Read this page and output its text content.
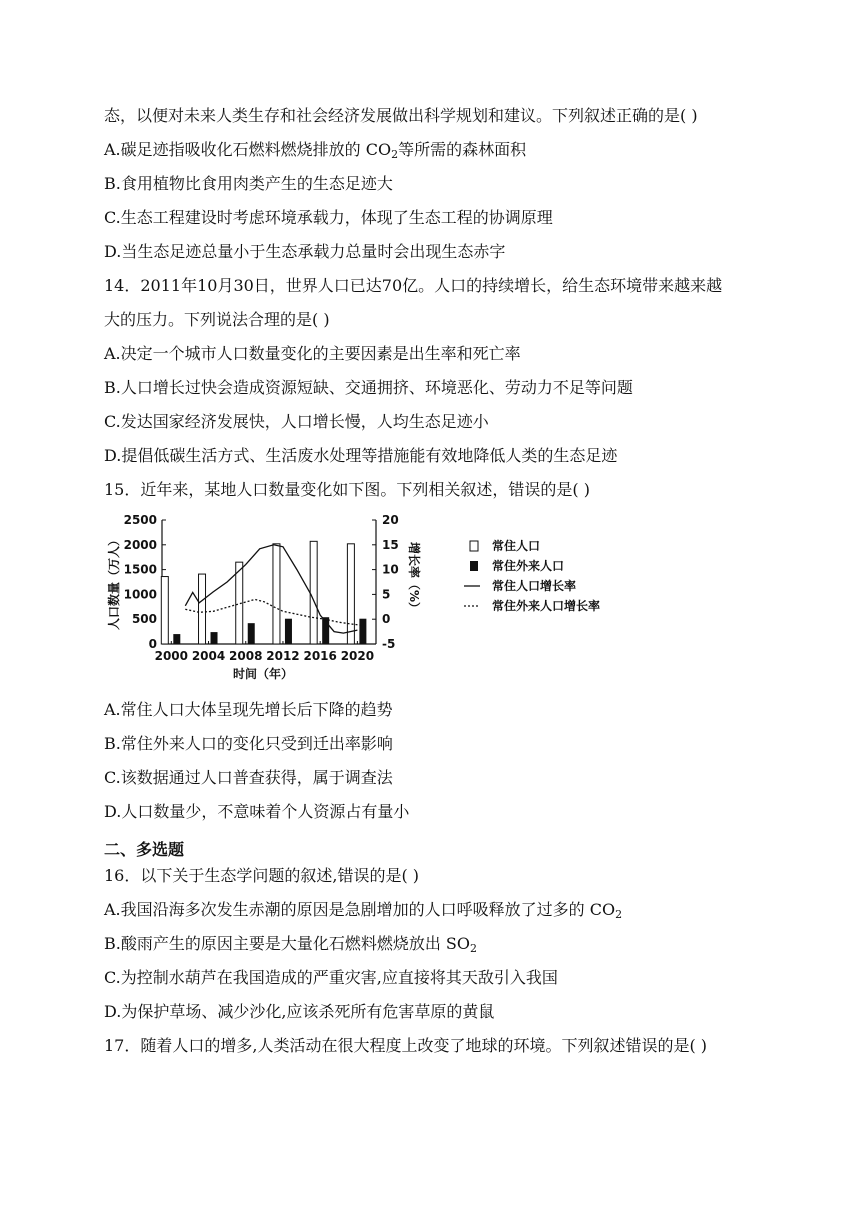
态，以便对未来人类生存和社会经济发展做出科学规划和建议。下列叙述正确的是( )
A.碳足迹指吸收化石燃料燃烧排放的 $CO_2$等所需的森林面积
B.食用植物比食用肉类产生的生态足迹大
C.生态工程建设时考虑环境承载力，体现了生态工程的协调原理
D.当生态足迹总量小于生态承载力总量时会出现生态赤字
14．2011年10月30日，世界人口已达70亿。人口的持续增长，给生态环境带来越来越
大的压力。下列说法合理的是( )
A.决定一个城市人口数量变化的主要因素是出生率和死亡率
B.人口增长过快会造成资源短缺、交通拥挤、环境恶化、劳动力不足等问题
C.发达国家经济发展快，人口增长慢，人均生态足迹小
D.提倡低碳生活方式、生活废水处理等措施能有效地降低人类的生态足迹
15．近年来，某地人口数量变化如下图。下列相关叙述，错误的是( )
0
500
1000
1500
2000
2500
-5
0
5
10
15
20
2000 2004 2008 2012 2016 2020
时间（年）
人口数量（万人）	增长率（%）	常住人口
常住外来人口
常住人口增长率
常住外来人口增长率
A.常住人口大体呈现先增长后下降的趋势
B.常住外来人口的变化只受到迁出率影响
C.该数据通过人口普查获得，属于调查法
D.人口数量少，不意味着个人资源占有量小
二、多选题
16．以下关于生态学问题的叙述,错误的是( )
A.我国沿海多次发生赤潮的原因是急剧增加的人口呼吸释放了过多的 $CO_2$
B.酸雨产生的原因主要是大量化石燃料燃烧放出 $SO_2$
C.为控制水葫芦在我国造成的严重灾害,应直接将其天敌引入我国
D.为保护草场、减少沙化,应该杀死所有危害草原的黄鼠
17．随着人口的增多,人类活动在很大程度上改变了地球的环境。下列叙述错误的是( )
